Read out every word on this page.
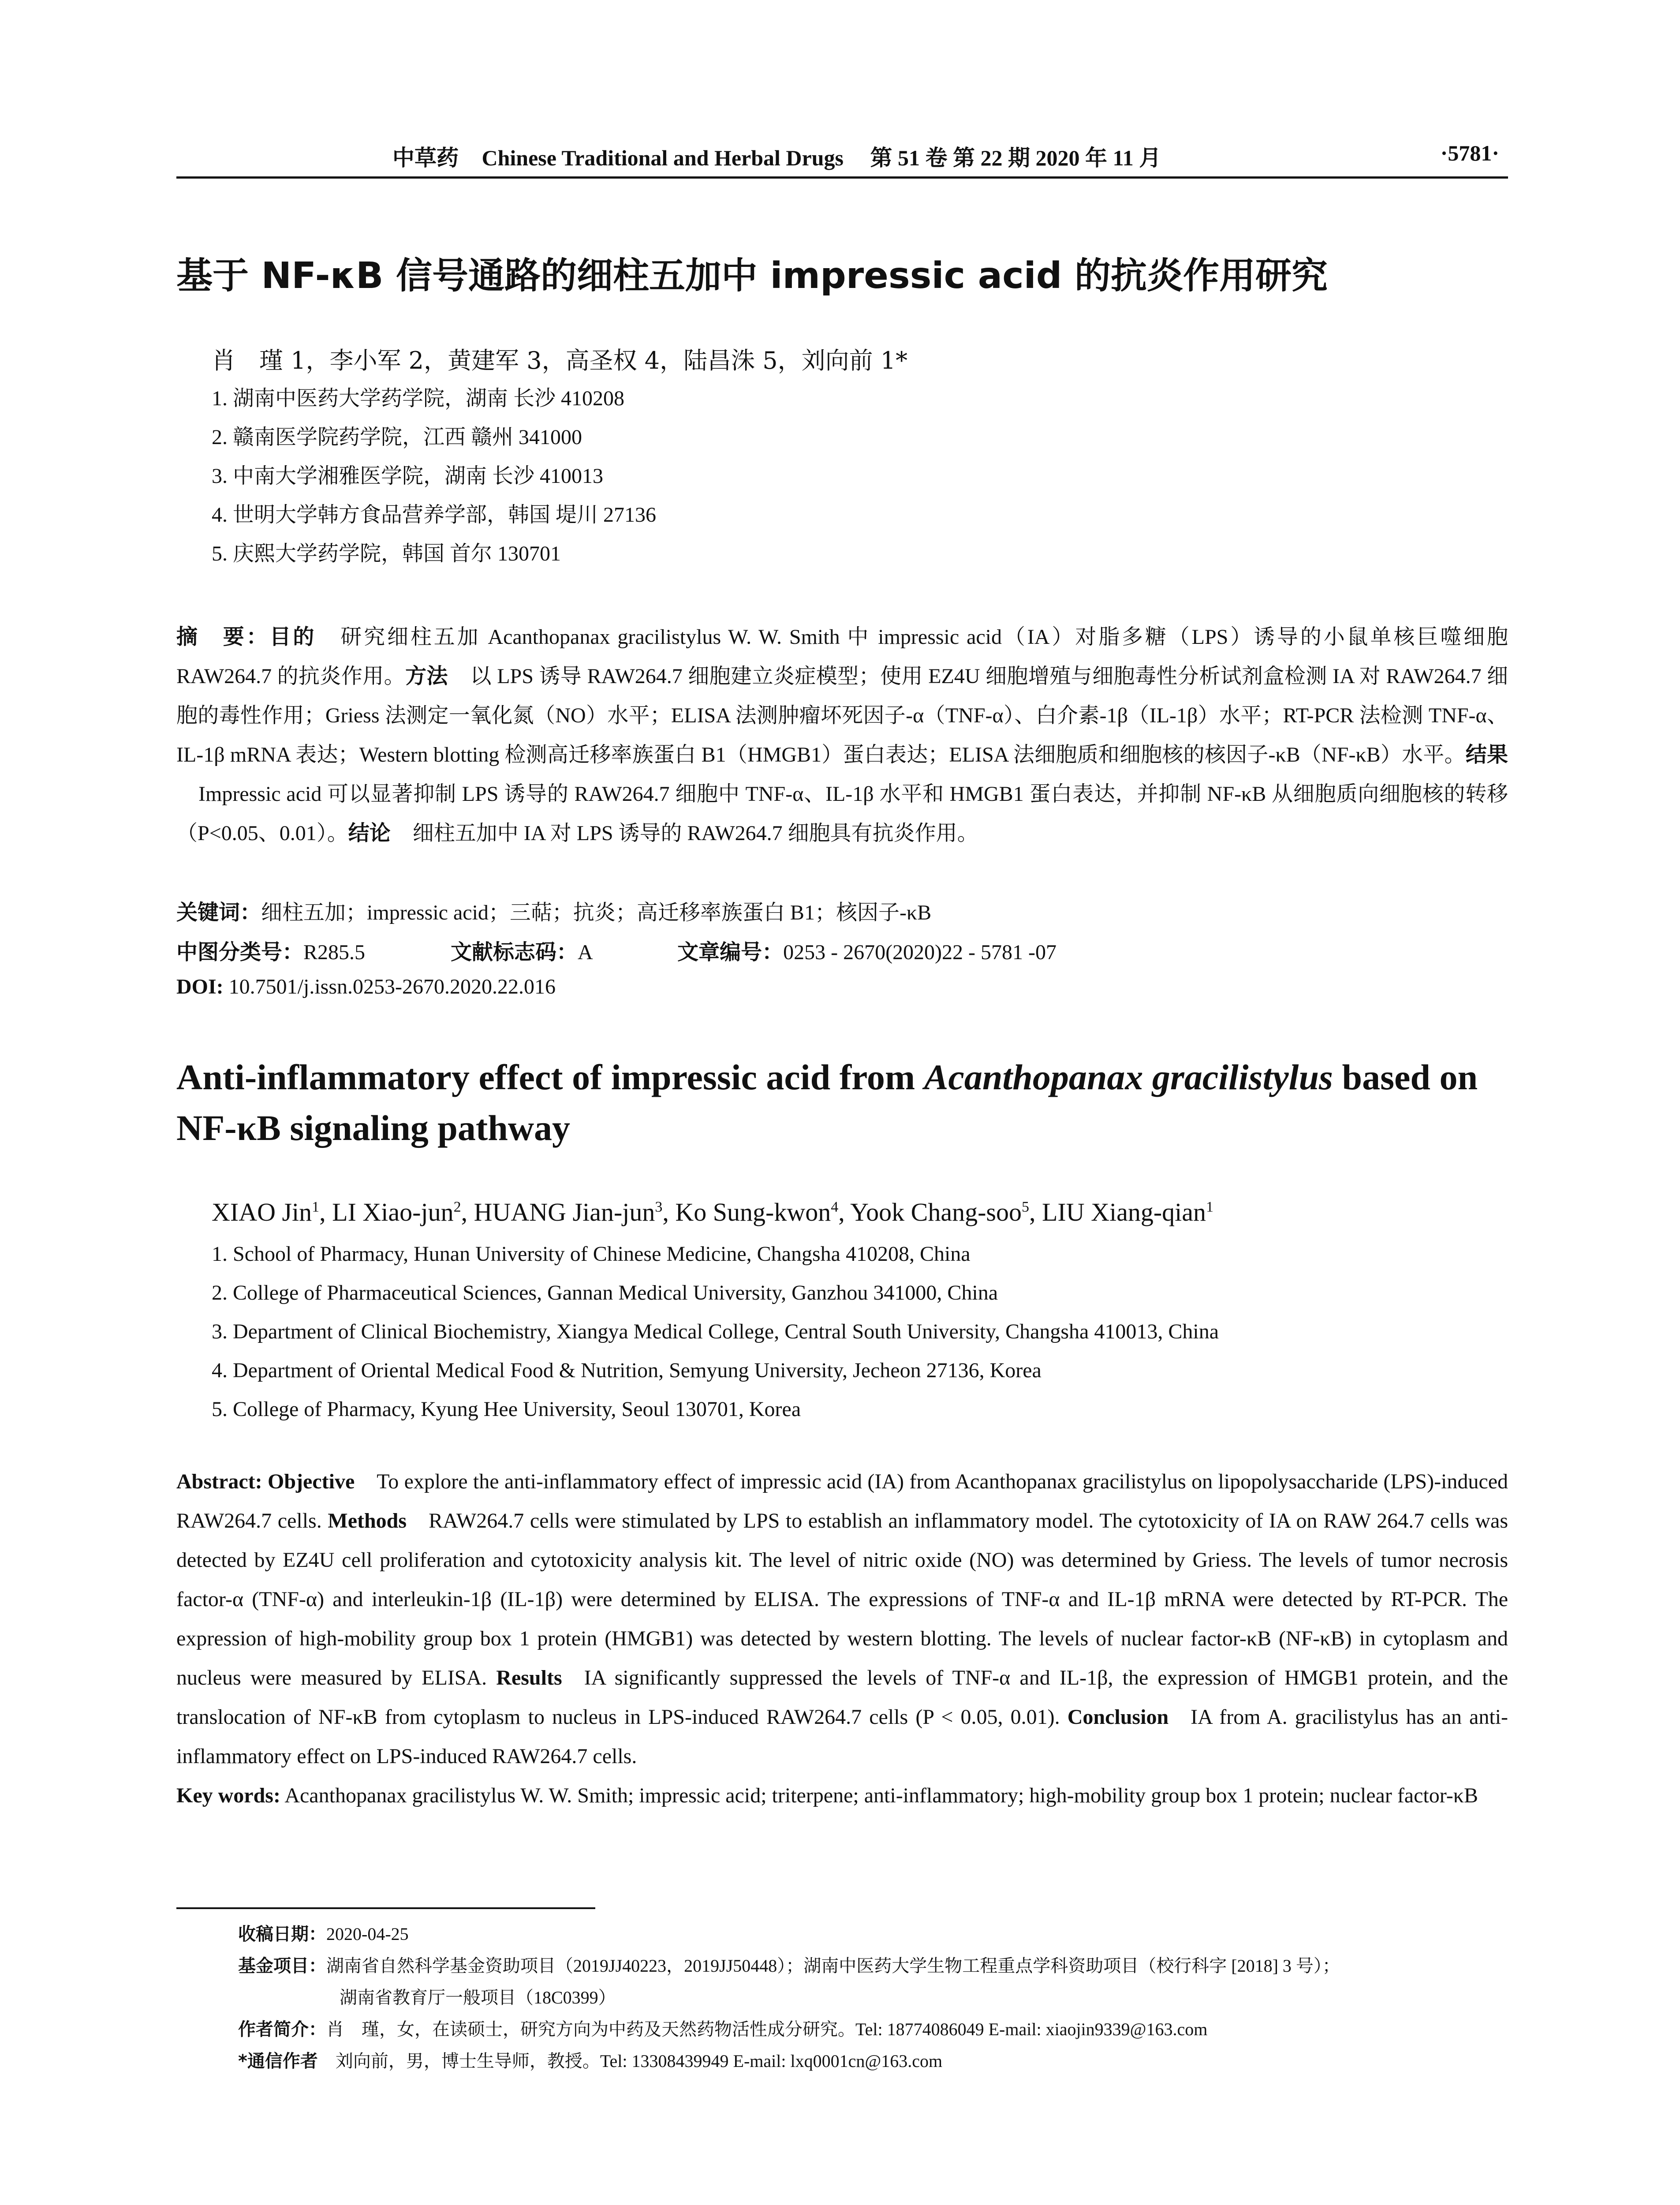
中草药 Chinese Traditional and Herbal Drugs 第 51 卷 第 22 期 2020 年 11 月	·5781·
基于 NF-κB 信号通路的细柱五加中 impressic acid 的抗炎作用研究
肖　瑾 1，李小军 2，黄建军 3，高圣权 4，陆昌洙 5，刘向前 1*
1. 湖南中医药大学药学院，湖南 长沙 410208
2. 赣南医学院药学院，江西 赣州 341000
3. 中南大学湘雅医学院，湖南 长沙 410013
4. 世明大学韩方食品营养学部，韩国 堤川 27136
5. 庆熙大学药学院，韩国 首尔 130701
摘　要：目的 研究细柱五加 Acanthopanax gracilistylus W. W. Smith 中 impressic acid（IA）对脂多糖（LPS）诱导的小鼠单核巨噬细胞 RAW264.7 的抗炎作用。方法 以 LPS 诱导 RAW264.7 细胞建立炎症模型；使用 EZ4U 细胞增殖与细胞毒性分析试剂盒检测 IA 对 RAW264.7 细胞的毒性作用；Griess 法测定一氧化氮（NO）水平；ELISA 法测肿瘤坏死因子-α（TNF-α）、白介素-1β（IL-1β）水平；RT-PCR 法检测 TNF-α、IL-1β mRNA 表达；Western blotting 检测高迁移率族蛋白 B1（HMGB1）蛋白表达；ELISA 法细胞质和细胞核的核因子-κB（NF-κB）水平。结果Impressic acid 可以显著抑制 LPS 诱导的 RAW264.7 细胞中 TNF-α、IL-1β 水平和 HMGB1 蛋白表达，并抑制 NF-κB 从细胞质向细胞核的转移（P<0.05、0.01）。结论 细柱五加中 IA 对 LPS 诱导的 RAW264.7 细胞具有抗炎作用。
关键词：细柱五加；impressic acid；三萜；抗炎；高迁移率族蛋白 B1；核因子-κB
中图分类号：R285.5	文献标志码：A	文章编号：0253 - 2670(2020)22 - 5781 -07
DOI: 10.7501/j.issn.0253-2670.2020.22.016
Anti-inflammatory effect of impressic acid from Acanthopanax gracilistylus based on NF-κB signaling pathway
XIAO Jin$^1$, LI Xiao-jun$^2$, HUANG Jian-jun$^3$, Ko Sung-kwon$^4$, Yook Chang-soo$^5$, LIU Xiang-qian$^1$
1. School of Pharmacy, Hunan University of Chinese Medicine, Changsha 410208, China
2. College of Pharmaceutical Sciences, Gannan Medical University, Ganzhou 341000, China
3. Department of Clinical Biochemistry, Xiangya Medical College, Central South University, Changsha 410013, China
4. Department of Oriental Medical Food & Nutrition, Semyung University, Jecheon 27136, Korea
5. College of Pharmacy, Kyung Hee University, Seoul 130701, Korea
Abstract: Objective To explore the anti-inflammatory effect of impressic acid (IA) from Acanthopanax gracilistylus on lipopolysaccharide (LPS)-induced RAW264.7 cells. Methods RAW264.7 cells were stimulated by LPS to establish an inflammatory model. The cytotoxicity of IA on RAW 264.7 cells was detected by EZ4U cell proliferation and cytotoxicity analysis kit. The level of nitric oxide (NO) was determined by Griess. The levels of tumor necrosis factor-α (TNF-α) and interleukin-1β (IL-1β) were determined by ELISA. The expressions of TNF-α and IL-1β mRNA were detected by RT-PCR. The expression of high-mobility group box 1 protein (HMGB1) was detected by western blotting. The levels of nuclear factor-κB (NF-κB) in cytoplasm and nucleus were measured by ELISA. Results IA significantly suppressed the levels of TNF-α and IL-1β, the expression of HMGB1 protein, and the translocation of NF-κB from cytoplasm to nucleus in LPS-induced RAW264.7 cells (P < 0.05, 0.01). Conclusion IA from A. gracilistylus has an anti-inflammatory effect on LPS-induced RAW264.7 cells.
Key words: Acanthopanax gracilistylus W. W. Smith; impressic acid; triterpene; anti-inflammatory; high-mobility group box 1 protein; nuclear factor-κB
收稿日期：2020-04-25
基金项目：湖南省自然科学基金资助项目（2019JJ40223，2019JJ50448）；湖南中医药大学生物工程重点学科资助项目（校行科字 [2018] 3 号）；
湖南省教育厅一般项目（18C0399）
作者简介：肖　瑾，女，在读硕士，研究方向为中药及天然药物活性成分研究。Tel: 18774086049 E-mail: xiaojin9339@163.com
*通信作者　 刘向前，男，博士生导师，教授。Tel: 13308439949 E-mail: lxq0001cn@163.com
